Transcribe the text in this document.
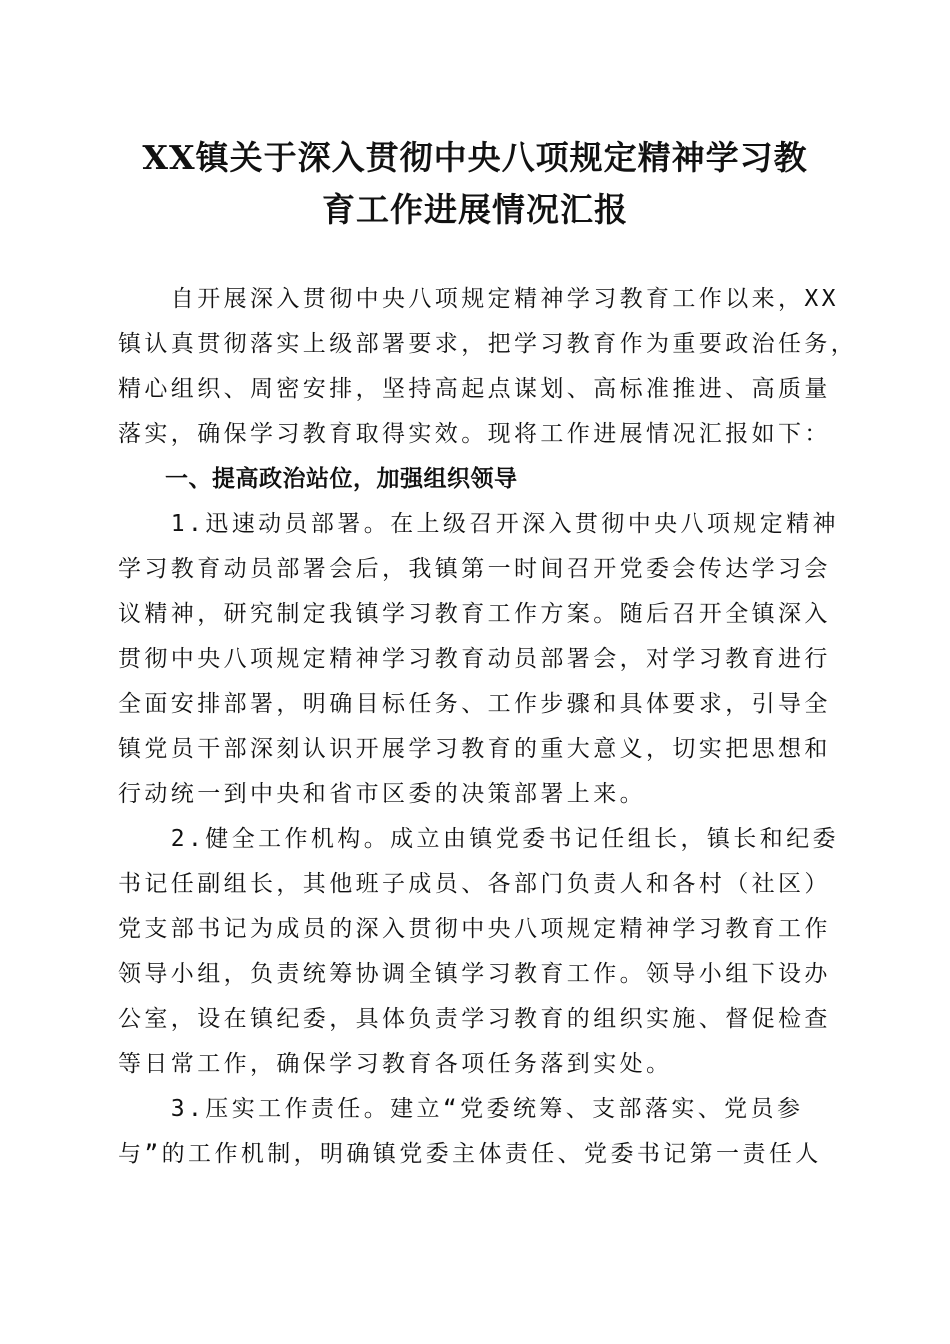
XX镇关于深入贯彻中央八项规定精神学习教
育工作进展情况汇报
　　自开展深入贯彻中央八项规定精神学习教育工作以来，XX
镇认真贯彻落实上级部署要求，把学习教育作为重要政治任务，
精心组织、周密安排，坚持高起点谋划、高标准推进、高质量
落实，确保学习教育取得实效。现将工作进展情况汇报如下：
　　一、提高政治站位，加强组织领导
　　1.迅速动员部署。在上级召开深入贯彻中央八项规定精神
学习教育动员部署会后，我镇第一时间召开党委会传达学习会
议精神，研究制定我镇学习教育工作方案。随后召开全镇深入
贯彻中央八项规定精神学习教育动员部署会，对学习教育进行
全面安排部署，明确目标任务、工作步骤和具体要求，引导全
镇党员干部深刻认识开展学习教育的重大意义，切实把思想和
行动统一到中央和省市区委的决策部署上来。
　　2.健全工作机构。成立由镇党委书记任组长，镇长和纪委
书记任副组长，其他班子成员、各部门负责人和各村（社区）
党支部书记为成员的深入贯彻中央八项规定精神学习教育工作
领导小组，负责统筹协调全镇学习教育工作。领导小组下设办
公室，设在镇纪委，具体负责学习教育的组织实施、督促检查
等日常工作，确保学习教育各项任务落到实处。
　　3.压实工作责任。建立“党委统筹、支部落实、党员参
与”的工作机制，明确镇党委主体责任、党委书记第一责任人
